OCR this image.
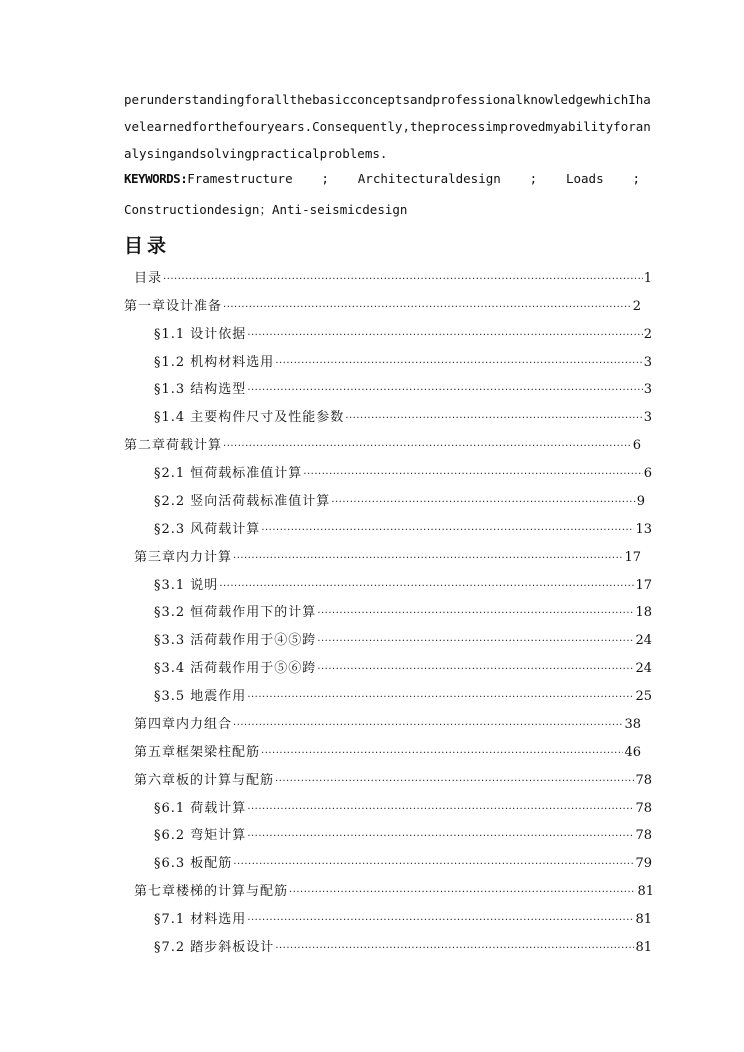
perunderstandingforallthebasicconceptsandprofessionalknowledgewhichIha

velearnedforthefouryears.Consequently,theprocessimprovedmyabilityforan

alysingandsolvingpracticalproblems.

KEYWORDS:Framestructure ; Architecturaldesign ; Loads ;
Constructiondesign；Anti-seismicdesign
目录
目录 ·····	1
第一章设计准备 ·····	2
§1.1 设计依据 ·····	2
§1.2 机构材料选用 ·····	3
§1.3 结构选型 ·····	3
§1.4 主要构件尺寸及性能参数 ·····	3
第二章荷载计算 ·····	6
§2.1 恒荷载标准值计算 ·····	6
§2.2 竖向活荷载标准值计算 ·····	9
§2.3 风荷载计算 ·····	13
第三章内力计算 ·····	17
§3.1 说明 ·····	17
§3.2 恒荷载作用下的计算 ·····	18
§3.3 活荷载作用于④⑤跨 ·····	24
§3.4 活荷载作用于⑤⑥跨 ·····	24
§3.5 地震作用 ·····	25
第四章内力组合 ·····	38
第五章框架梁柱配筋 ·····	46
第六章板的计算与配筋 ·····	78
§6.1 荷载计算 ·····	78
§6.2 弯矩计算 ·····	78
§6.3 板配筋 ·····	79
第七章楼梯的计算与配筋 ·····	81
§7.1 材料选用 ·····	81
§7.2 踏步斜板设计 ·····	81
